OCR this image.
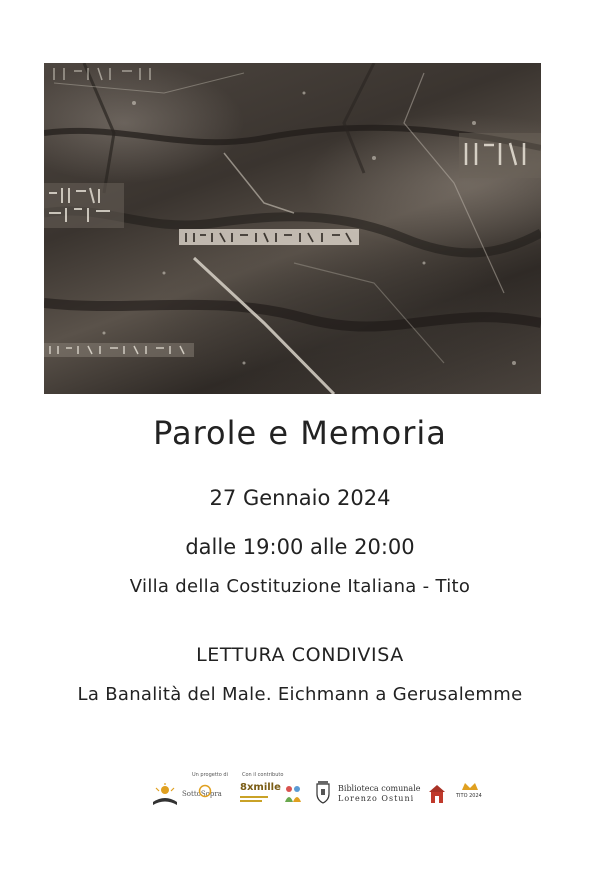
Parole e Memoria
27 Gennaio 2024
dalle 19:00 alle 20:00
Villa della Costituzione Italiana - Tito
LETTURA CONDIVISA
La Banalità del Male. Eichmann a Gerusalemme
Un progetto di	Con il contributo
SottoSopra
8xmille	Biblioteca comunale
Lorenzo Ostuni	TITO 2024
